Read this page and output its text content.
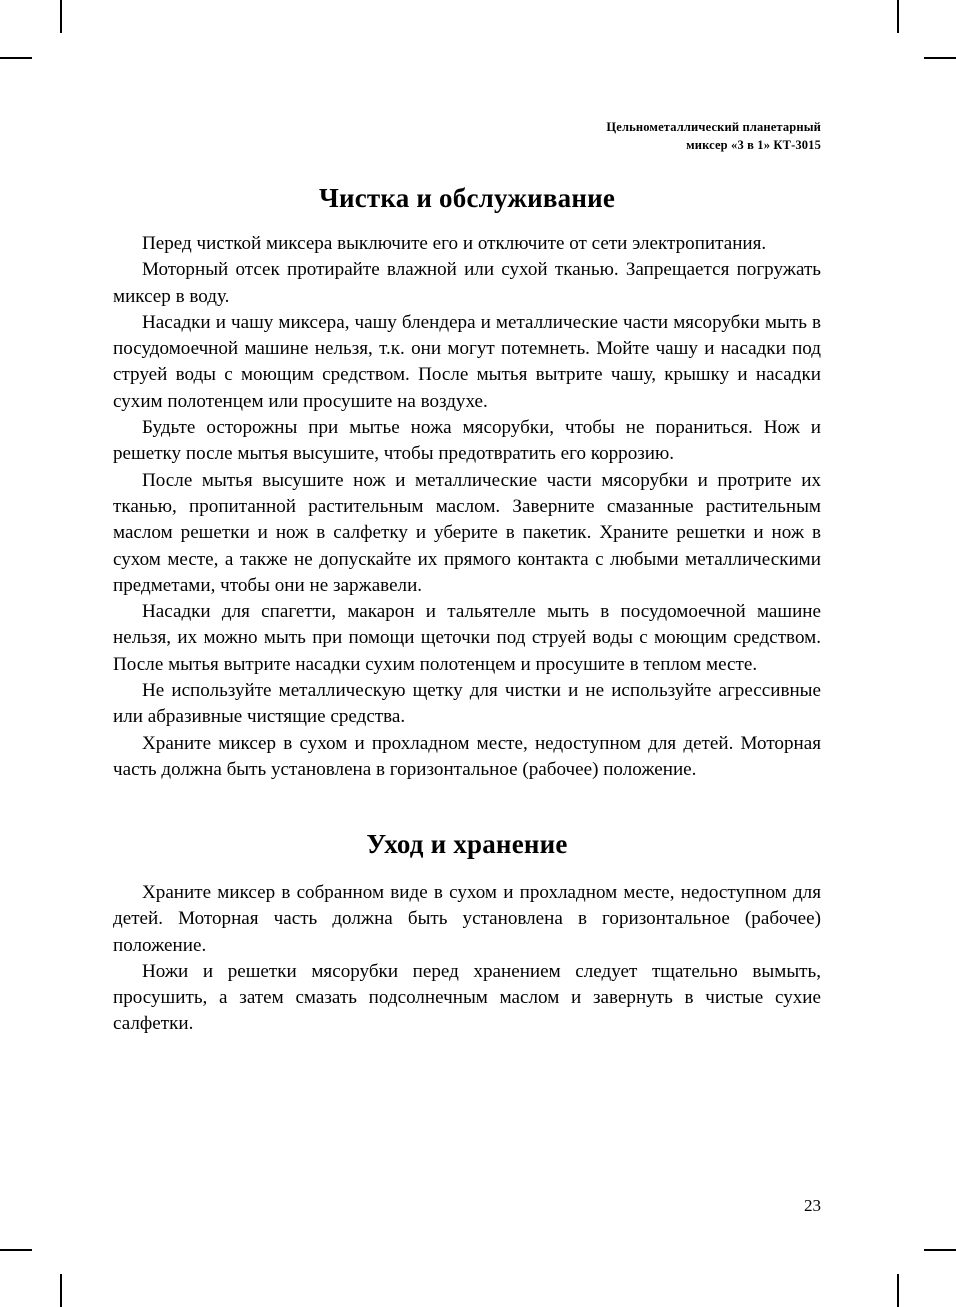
Цельнометаллический планетарный
миксер «3 в 1» КТ-3015
Чистка и обслуживание

Перед чисткой миксера выключите его и отключите от сети электропитания.

Моторный отсек протирайте влажной или сухой тканью. Запрещается погружать миксер в воду.

Насадки и чашу миксера, чашу блендера и металлические части мясорубки мыть в посудомоечной машине нельзя, т.к. они могут потемнеть. Мойте чашу и насадки под струей воды с моющим средством. После мытья вытрите чашу, крышку и насадки сухим полотенцем или просушите на воздухе.

Будьте осторожны при мытье ножа мясорубки, чтобы не пораниться. Нож и решетку после мытья высушите, чтобы предотвратить его коррозию.

После мытья высушите нож и металлические части мясорубки и протрите их тканью, пропитанной растительным маслом. Заверните смазанные растительным маслом решетки и нож в салфетку и уберите в пакетик. Храните решетки и нож в сухом месте, а также не допускайте их прямого контакта с любыми металлическими предметами, чтобы они не заржавели.

Насадки для спагетти, макарон и тальятелле мыть в посудомоечной машине нельзя, их можно мыть при помощи щеточки под струей воды с моющим средством. После мытья вытрите насадки сухим полотенцем и просушите в теплом месте.

Не используйте металлическую щетку для чистки и не используйте агрессивные или абразивные чистящие средства.

Храните миксер в сухом и прохладном месте, недоступном для детей. Моторная часть должна быть установлена в горизонтальное (рабочее) положение.

Уход и хранение

Храните миксер в собранном виде в сухом и прохладном месте, недоступном для детей. Моторная часть должна быть установлена в горизонтальное (рабочее) положение.

Ножи и решетки мясорубки перед хранением следует тщательно вымыть, просушить, а затем смазать подсолнечным маслом и завернуть в чистые сухие салфетки.

23
